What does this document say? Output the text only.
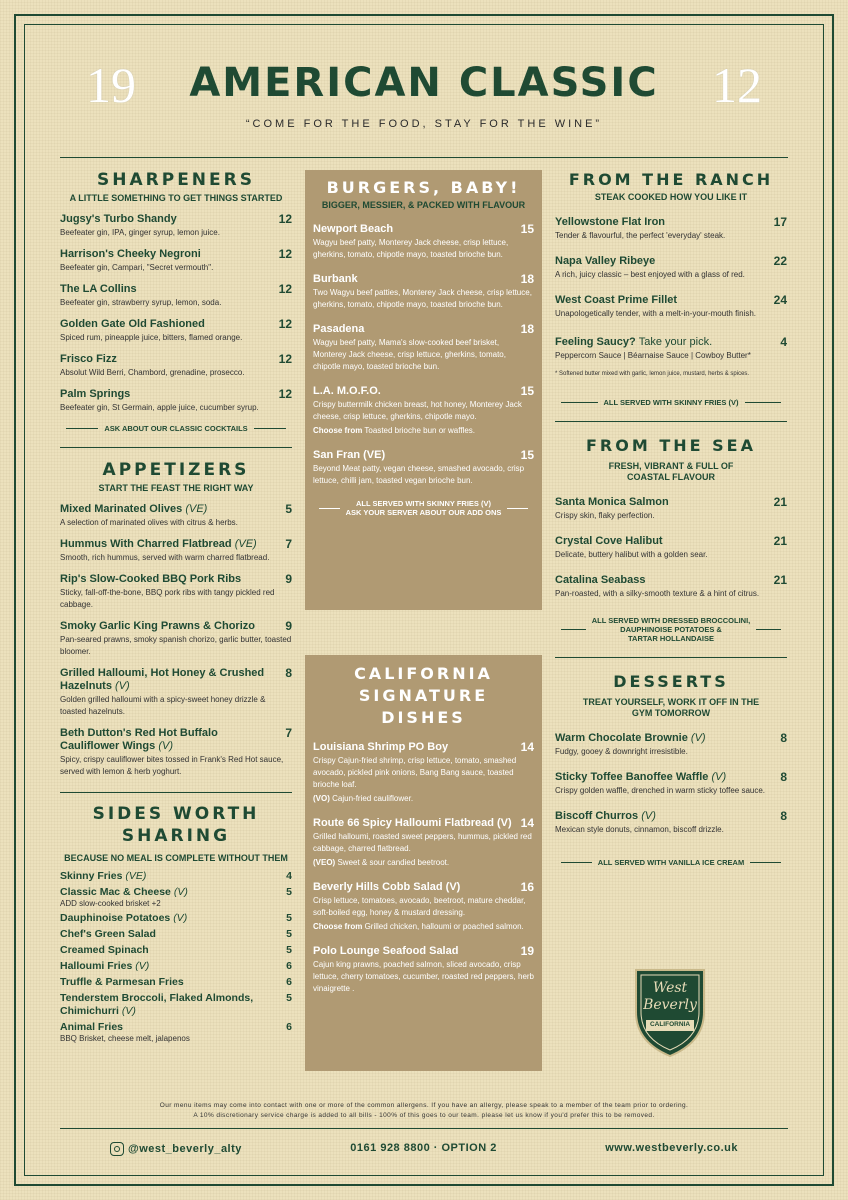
19	12
AMERICAN CLASSIC
“COME FOR THE FOOD, STAY FOR THE WINE”
SHARPENERS
A LITTLE SOMETHING TO GET THINGS STARTED
Jugsy's Turbo Shandy	12
Beefeater gin, IPA, ginger syrup, lemon juice.
Harrison's Cheeky Negroni	12
Beefeater gin, Campari, "Secret vermouth".
The LA Collins	12
Beefeater gin, strawberry syrup, lemon, soda.
Golden Gate Old Fashioned	12
Spiced rum, pineapple juice, bitters, flamed orange.
Frisco Fizz	12
Absolut Wild Berri, Chambord, grenadine, prosecco.
Palm Springs	12
Beefeater gin, St Germain, apple juice, cucumber syrup.
ASK ABOUT OUR CLASSIC COCKTAILS
APPETIZERS
START THE FEAST THE RIGHT WAY
Mixed Marinated Olives (VE)	5
A selection of marinated olives with citrus & herbs.
Hummus With Charred Flatbread (VE) 7
Smooth, rich hummus, served with warm charred flatbread.
Rip's Slow-Cooked BBQ Pork Ribs	9
Sticky, fall-off-the-bone, BBQ pork ribs with tangy pickled red cabbage.
Smoky Garlic King Prawns & Chorizo	9
Pan-seared prawns, smoky spanish chorizo, garlic butter, toasted bloomer.
Grilled Halloumi, Hot Honey & Crushed Hazelnuts (V)
8
Golden grilled halloumi with a spicy-sweet honey drizzle & toasted hazelnuts.
Beth Dutton's Red Hot Buffalo Cauliflower Wings (V)
7
Spicy, crispy cauliflower bites tossed in Frank's Red Hot sauce, served with lemon & herb yoghurt.
SIDES WORTH
SHARING
BECAUSE NO MEAL IS COMPLETE WITHOUT THEM
Skinny Fries (VE)	4
Classic Mac & Cheese (V)	5
ADD slow-cooked brisket +2
Dauphinoise Potatoes (V)	5
Chef's Green Salad	5
Creamed Spinach	5
Halloumi Fries (V)	6
Truffle & Parmesan Fries	6
Tenderstem Broccoli, Flaked Almonds, Chimichurri (V)
5
Animal Fries	6
BBQ Brisket, cheese melt, jalapenos
BURGERS, BABY!
BIGGER, MESSIER, & PACKED WITH FLAVOUR
Newport Beach	15
Wagyu beef patty, Monterey Jack cheese, crisp lettuce, gherkins, tomato, chipotle mayo, toasted brioche bun.
Burbank	18
Two Wagyu beef patties, Monterey Jack cheese, crisp lettuce, gherkins, tomato, chipotle mayo, toasted brioche bun.
Pasadena	18
Wagyu beef patty, Mama's slow-cooked beef brisket, Monterey Jack cheese, crisp lettuce, gherkins, tomato, chipotle mayo, toasted brioche bun.
L.A. M.O.F.O.	15
Crispy buttermilk chicken breast, hot honey, Monterey Jack cheese, crisp lettuce, gherkins, chipotle mayo.
Choose from Toasted brioche bun or waffles.
San Fran (VE)	15
Beyond Meat patty, vegan cheese, smashed avocado, crisp lettuce, chilli jam, toasted vegan brioche bun.
ALL SERVED WITH SKINNY FRIES (V)
ASK YOUR SERVER ABOUT OUR ADD ONS
CALIFORNIA
SIGNATURE
DISHES
Louisiana Shrimp PO Boy	14
Crispy Cajun-fried shrimp, crisp lettuce, tomato, smashed avocado, pickled pink onions, Bang Bang sauce, toasted brioche loaf.
(VO) Cajun-fried cauliflower.
Route 66 Spicy Halloumi Flatbread (V) 14
Grilled halloumi, roasted sweet peppers, hummus, pickled red cabbage, charred flatbread.
(VEO) Sweet & sour candied beetroot.
Beverly Hills Cobb Salad (V)	16
Crisp lettuce, tomatoes, avocado, beetroot, mature cheddar, soft-boiled egg, honey & mustard dressing.
Choose from Grilled chicken, halloumi or poached salmon.
Polo Lounge Seafood Salad	19
Cajun king prawns, poached salmon, sliced avocado, crisp lettuce, cherry tomatoes, cucumber, roasted red peppers, herb vinaigrette .
FROM THE RANCH
STEAK COOKED HOW YOU LIKE IT
Yellowstone Flat Iron	17
Tender & flavourful, the perfect 'everyday' steak.
Napa Valley Ribeye	22
A rich, juicy classic – best enjoyed with a glass of red.
West Coast Prime Fillet	24
Unapologetically tender, with a melt-in-your-mouth finish.
Feeling Saucy? Take your pick.	4
Peppercorn Sauce | Béarnaise Sauce | Cowboy Butter*
* Softened butter mixed with garlic, lemon juice, mustard, herbs & spices.
ALL SERVED WITH SKINNY FRIES (V)
FROM THE SEA
FRESH, VIBRANT & FULL OF
COASTAL FLAVOUR
Santa Monica Salmon	21
Crispy skin, flaky perfection.
Crystal Cove Halibut	21
Delicate, buttery halibut with a golden sear.
Catalina Seabass	21
Pan-roasted, with a silky-smooth texture & a hint of citrus.
ALL SERVED WITH DRESSED BROCCOLINI,
DAUPHINOISE POTATOES &
TARTAR HOLLANDAISE
DESSERTS
TREAT YOURSELF, WORK IT OFF IN THE
GYM TOMORROW
Warm Chocolate Brownie (V)	8
Fudgy, gooey & downright irresistible.
Sticky Toffee Banoffee Waffle (V)	8
Crispy golden waffle, drenched in warm sticky toffee sauce.
Biscoff Churros (V)	8
Mexican style donuts, cinnamon, biscoff drizzle.
ALL SERVED WITH VANILLA ICE CREAM
West
Beverly
CALIFORNIA
Our menu items may come into contact with one or more of the common allergens. If you have an allergy, please speak to a member of the team prior to ordering.
A 10% discretionary service charge is added to all bills - 100% of this goes to our team. please let us know if you'd prefer this to be removed.
@west_beverly_alty	0161 928 8800 · OPTION 2	www.westbeverly.co.uk
